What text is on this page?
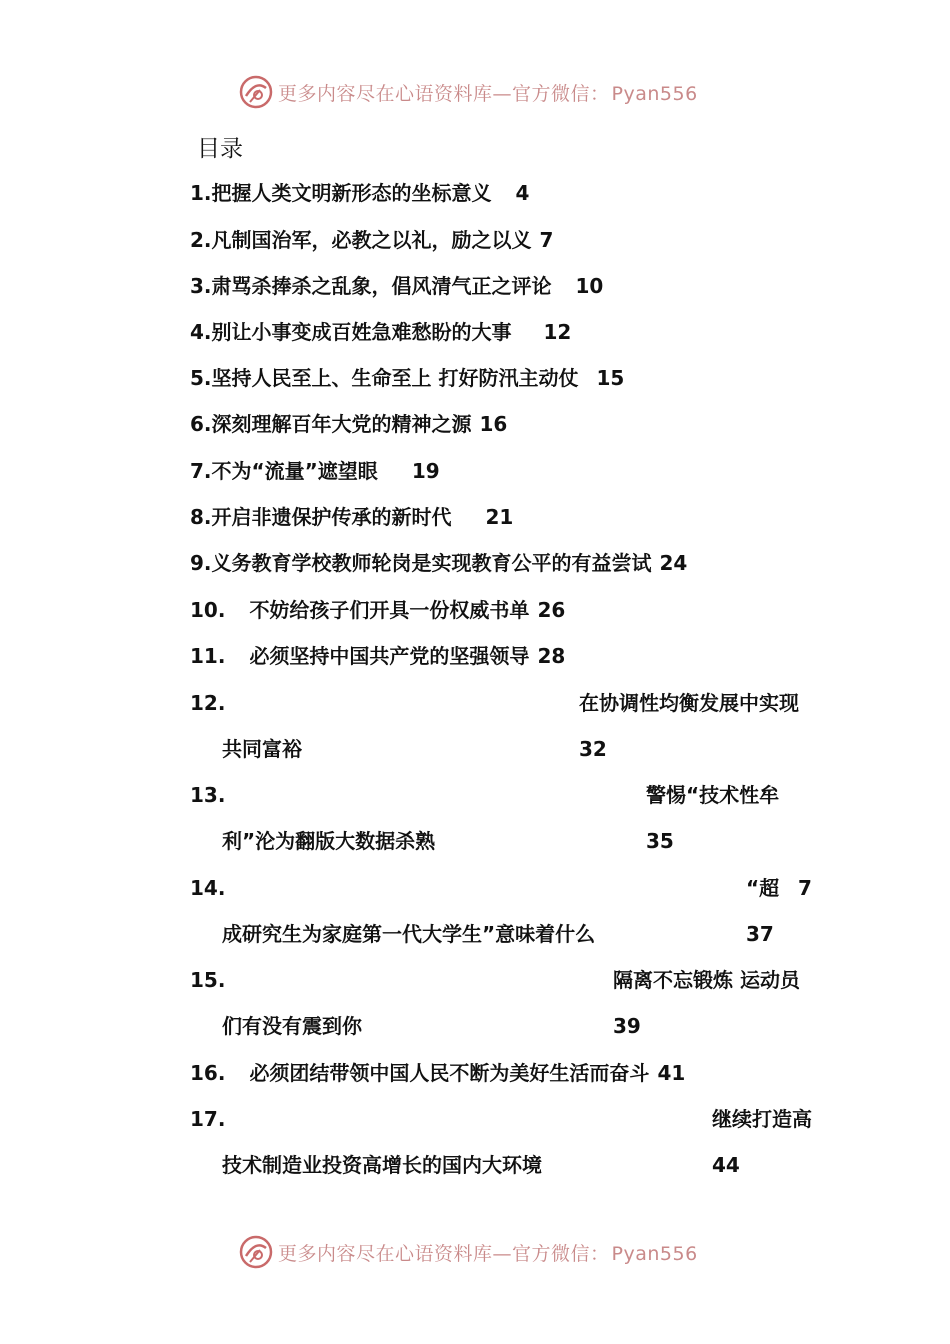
更多内容尽在心语资料库—官方微信： Pyan556
目录
1.把握人类文明新形态的坐标意义 4
2.凡制国治军，必教之以礼，励之以义 7
3.肃骂杀捧杀之乱象，倡风清气正之评论 10
4.别让小事变成百姓急难愁盼的大事 12
5.坚持人民至上、生命至上 打好防汛主动仗 15
6.深刻理解百年大党的精神之源 16
7.不为“流量”遮望眼 19
8.开启非遗保护传承的新时代 21
9.义务教育学校教师轮岗是实现教育公平的有益尝试 24
10. 不妨给孩子们开具一份权威书单 26
11. 必须坚持中国共产党的坚强领导 28
12.	在协调性均衡发展中实现
共同富裕	32
13.	警惕“技术性牟
利”沦为翻版大数据杀熟	35
14.	“超 7
成研究生为家庭第一代大学生”意味着什么	37
15.	隔离不忘锻炼 运动员
们有没有震到你	39
16. 必须团结带领中国人民不断为美好生活而奋斗 41
17.	继续打造高
技术制造业投资高增长的国内大环境	44
更多内容尽在心语资料库—官方微信： Pyan556
